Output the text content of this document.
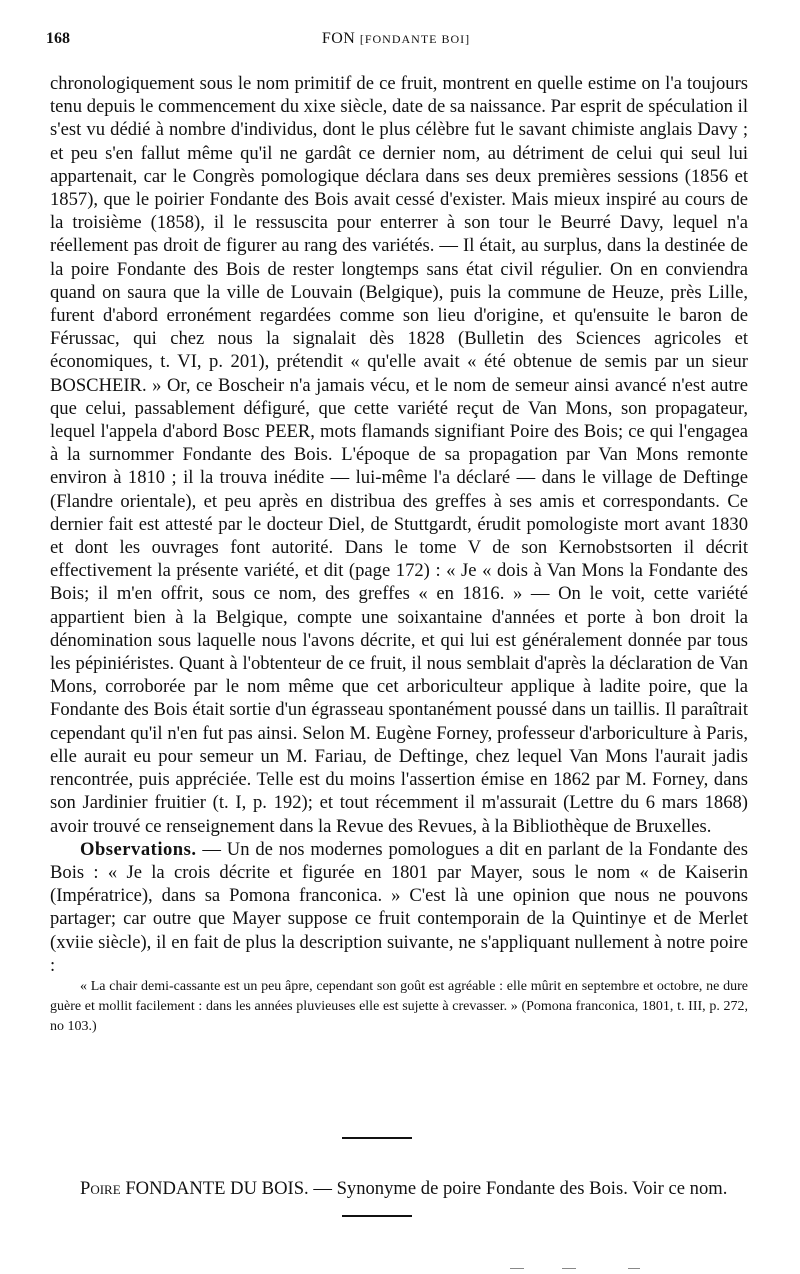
168	FON [FONDANTE BOI]

chronologiquement sous le nom primitif de ce fruit, montrent en quelle estime on l'a toujours tenu depuis le commencement du xixe siècle, date de sa naissance. Par esprit de spéculation il s'est vu dédié à nombre d'individus, dont le plus célèbre fut le savant chimiste anglais Davy ; et peu s'en fallut même qu'il ne gardât ce dernier nom, au détriment de celui qui seul lui appartenait, car le Congrès pomologique déclara dans ses deux premières sessions (1856 et 1857), que le poirier Fondante des Bois avait cessé d'exister. Mais mieux inspiré au cours de la troisième (1858), il le ressuscita pour enterrer à son tour le Beurré Davy, lequel n'a réellement pas droit de figurer au rang des variétés. — Il était, au surplus, dans la destinée de la poire Fondante des Bois de rester longtemps sans état civil régulier. On en conviendra quand on saura que la ville de Louvain (Belgique), puis la commune de Heuze, près Lille, furent d'abord erronément regardées comme son lieu d'origine, et qu'ensuite le baron de Férussac, qui chez nous la signalait dès 1828 (Bulletin des Sciences agricoles et économiques, t. VI, p. 201), prétendit « qu'elle avait « été obtenue de semis par un sieur BOSCHEIR. » Or, ce Boscheir n'a jamais vécu, et le nom de semeur ainsi avancé n'est autre que celui, passablement défiguré, que cette variété reçut de Van Mons, son propagateur, lequel l'appela d'abord Bosc PEER, mots flamands signifiant Poire des Bois; ce qui l'engagea à la surnommer Fondante des Bois. L'époque de sa propagation par Van Mons remonte environ à 1810 ; il la trouva inédite — lui-même l'a déclaré — dans le village de Deftinge (Flandre orientale), et peu après en distribua des greffes à ses amis et correspondants. Ce dernier fait est attesté par le docteur Diel, de Stuttgardt, érudit pomologiste mort avant 1830 et dont les ouvrages font autorité. Dans le tome V de son Kernobstsorten il décrit effectivement la présente variété, et dit (page 172) : « Je « dois à Van Mons la Fondante des Bois; il m'en offrit, sous ce nom, des greffes « en 1816. » — On le voit, cette variété appartient bien à la Belgique, compte une soixantaine d'années et porte à bon droit la dénomination sous laquelle nous l'avons décrite, et qui lui est généralement donnée par tous les pépiniéristes. Quant à l'obtenteur de ce fruit, il nous semblait d'après la déclaration de Van Mons, corroborée par le nom même que cet arboriculteur applique à ladite poire, que la Fondante des Bois était sortie d'un égrasseau spontanément poussé dans un taillis. Il paraîtrait cependant qu'il n'en fut pas ainsi. Selon M. Eugène Forney, professeur d'arboriculture à Paris, elle aurait eu pour semeur un M. Fariau, de Deftinge, chez lequel Van Mons l'aurait jadis rencontrée, puis appréciée. Telle est du moins l'assertion émise en 1862 par M. Forney, dans son Jardinier fruitier (t. I, p. 192); et tout récemment il m'assurait (Lettre du 6 mars 1868) avoir trouvé ce renseignement dans la Revue des Revues, à la Bibliothèque de Bruxelles.

Observations. — Un de nos modernes pomologues a dit en parlant de la Fondante des Bois : « Je la crois décrite et figurée en 1801 par Mayer, sous le nom « de Kaiserin (Impératrice), dans sa Pomona franconica. » C'est là une opinion que nous ne pouvons partager; car outre que Mayer suppose ce fruit contemporain de la Quintinye et de Merlet (xviie siècle), il en fait de plus la description suivante, ne s'appliquant nullement à notre poire :

« La chair demi-cassante est un peu âpre, cependant son goût est agréable : elle mûrit en septembre et octobre, ne dure guère et mollit facilement : dans les années pluvieuses elle est sujette à crevasser. » (Pomona franconica, 1801, t. III, p. 272, no 103.)

Poire FONDANTE DU BOIS. — Synonyme de poire Fondante des Bois. Voir ce nom.
